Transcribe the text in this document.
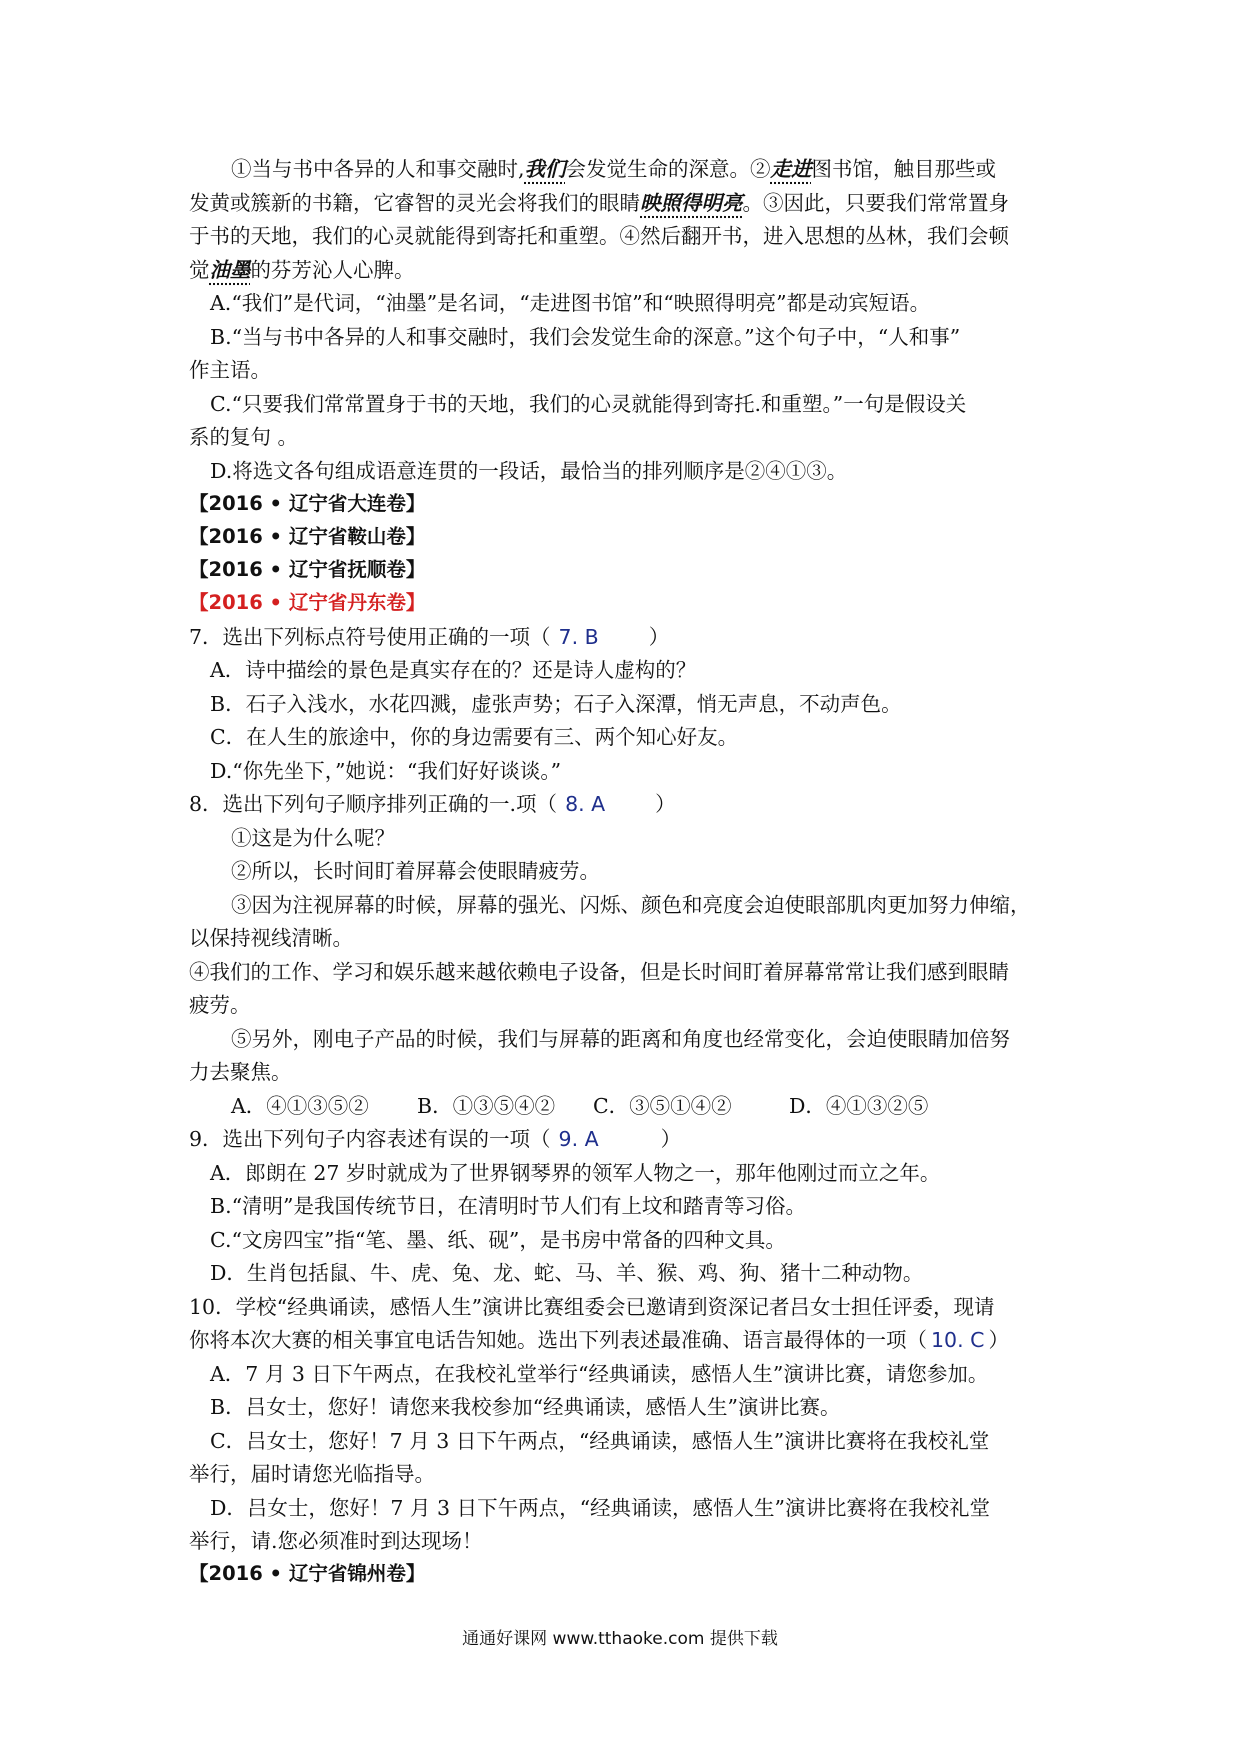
①当与书中各异的人和事交融时,我们会发觉生命的深意。②走进图书馆，触目那些或
发黄或簇新的书籍，它睿智的灵光会将我们的眼睛映照得明亮。③因此，只要我们常常置身
于书的天地，我们的心灵就能得到寄托和重塑。④然后翻开书，进入思想的丛林，我们会顿
觉油墨的芬芳沁人心脾。
A.“我们”是代词，“油墨”是名词，“走进图书馆”和“映照得明亮”都是动宾短语。
B.“当与书中各异的人和事交融时，我们会发觉生命的深意。”这个句子中，“人和事”
作主语。
C.“只要我们常常置身于书的天地，我们的心灵就能得到寄托.和重塑。”一句是假设关
系的复句 。
D.将选文各句组成语意连贯的一段话，最恰当的排列顺序是②④①③。
【2016 • 辽宁省大连卷】
【2016 • 辽宁省鞍山卷】
【2016 • 辽宁省抚顺卷】
【2016 • 辽宁省丹东卷】
7．选出下列标点符号使用正确的一项（ 7. B ）
A．诗中描绘的景色是真实存在的？还是诗人虚构的？
B．石子入浅水，水花四溅，虚张声势；石子入深潭，悄无声息，不动声色。
C．在人生的旅途中，你的身边需要有三、两个知心好友。
D.“你先坐下，”她说：“我们好好谈谈。”
8．选出下列句子顺序排列正确的一.项（ 8. A ）
①这是为什么呢？
②所以，长时间盯着屏幕会使眼睛疲劳。
③因为注视屏幕的时候，屏幕的强光、闪烁、颜色和亮度会迫使眼部肌肉更加努力伸缩，
以保持视线清晰。
④我们的工作、学习和娱乐越来越依赖电子设备，但是长时间盯着屏幕常常让我们感到眼睛
疲劳。
⑤另外，刚电子产品的时候，我们与屏幕的距离和角度也经常变化，会迫使眼睛加倍努
力去聚焦。
A．④①③⑤② B．①③⑤④② C．③⑤①④②	D．④①③②⑤
9．选出下列句子内容表述有误的一项（ 9. A	）
A．郎朗在 27 岁时就成为了世界钢琴界的领军人物之一，那年他刚过而立之年。
B.“清明”是我国传统节日，在清明时节人们有上坟和踏青等习俗。
C.“文房四宝”指“笔、墨、纸、砚”，是书房中常备的四种文具。
D．生肖包括鼠、牛、虎、兔、龙、蛇、马、羊、猴、鸡、狗、猪十二种动物。
10．学校“经典诵读，感悟人生”演讲比赛组委会已邀请到资深记者吕女士担任评委，现请
你将本次大赛的相关事宜电话告知她。选出下列表述最准确、语言最得体的一项（ 10. C ）
A．7 月 3 日下午两点，在我校礼堂举行“经典诵读，感悟人生”演讲比赛，请您参加。
B．吕女士，您好！请您来我校参加“经典诵读，感悟人生”演讲比赛。
C．吕女士，您好！7 月 3 日下午两点，“经典诵读，感悟人生”演讲比赛将在我校礼堂
举行，届时请您光临指导。
D．吕女士，您好！7 月 3 日下午两点，“经典诵读，感悟人生”演讲比赛将在我校礼堂
举行，请.您必须准时到达现场！
【2016 • 辽宁省锦州卷】
通通好课网 www.tthaoke.com 提供下载
